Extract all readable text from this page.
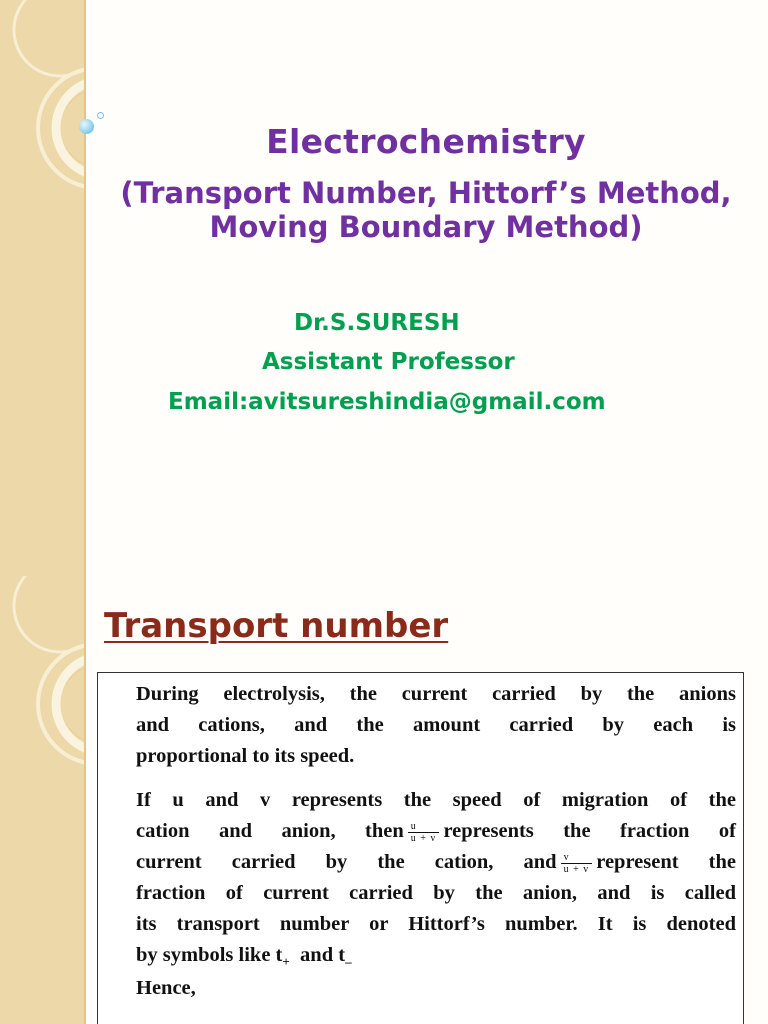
Electrochemistry
(Transport Number, Hittorf’s Method,
Moving Boundary Method)
Dr.S.SURESH
Assistant Professor
Email:avitsureshindia@gmail.com
Transport number

During electrolysis, the current carried by the anions
and cations, and the amount carried by each is
proportional to its speed.

If u and v represents the speed of migration of the
cation and anion, then $\frac{u}{u + v}$ represents the fraction of
current carried by the cation, and $\frac{v}{u + v}$ represent the
fraction of current carried by the anion, and is called
its transport number or Hittorf’s number. It is denoted
by symbols like $t_+$ and $t_-$

Hence,
